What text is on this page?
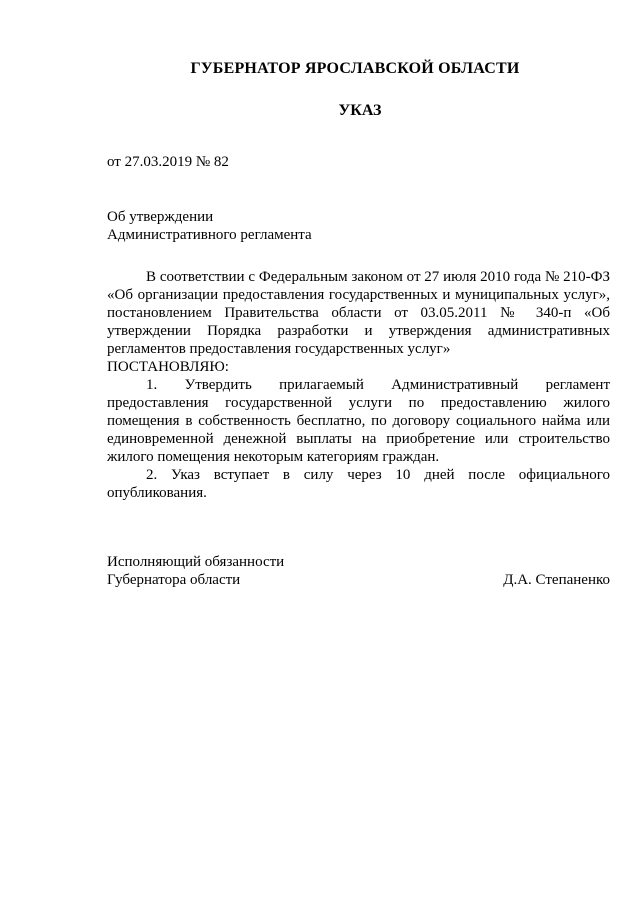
ГУБЕРНАТОР ЯРОСЛАВСКОЙ ОБЛАСТИ
УКАЗ
от 27.03.2019 № 82
Об утверждении
Административного регламента

В соответствии с Федеральным законом от 27 июля 2010 года № 210-ФЗ «Об организации предоставления государственных и муниципальных услуг», постановлением Правительства области от 03.05.2011 № 340-п «Об утверждении Порядка разработки и утверждения административных регламентов предоставления государственных услуг»

ПОСТАНОВЛЯЮ:

1. Утвердить прилагаемый Административный регламент предоставления государственной услуги по предоставлению жилого помещения в собственность бесплатно, по договору социального найма или единовременной денежной выплаты на приобретение или строительство жилого помещения некоторым категориям граждан.

2. Указ вступает в силу через 10 дней после официального опубликования.

Исполняющий обязанности
Губернатора области	Д.А. Степаненко
